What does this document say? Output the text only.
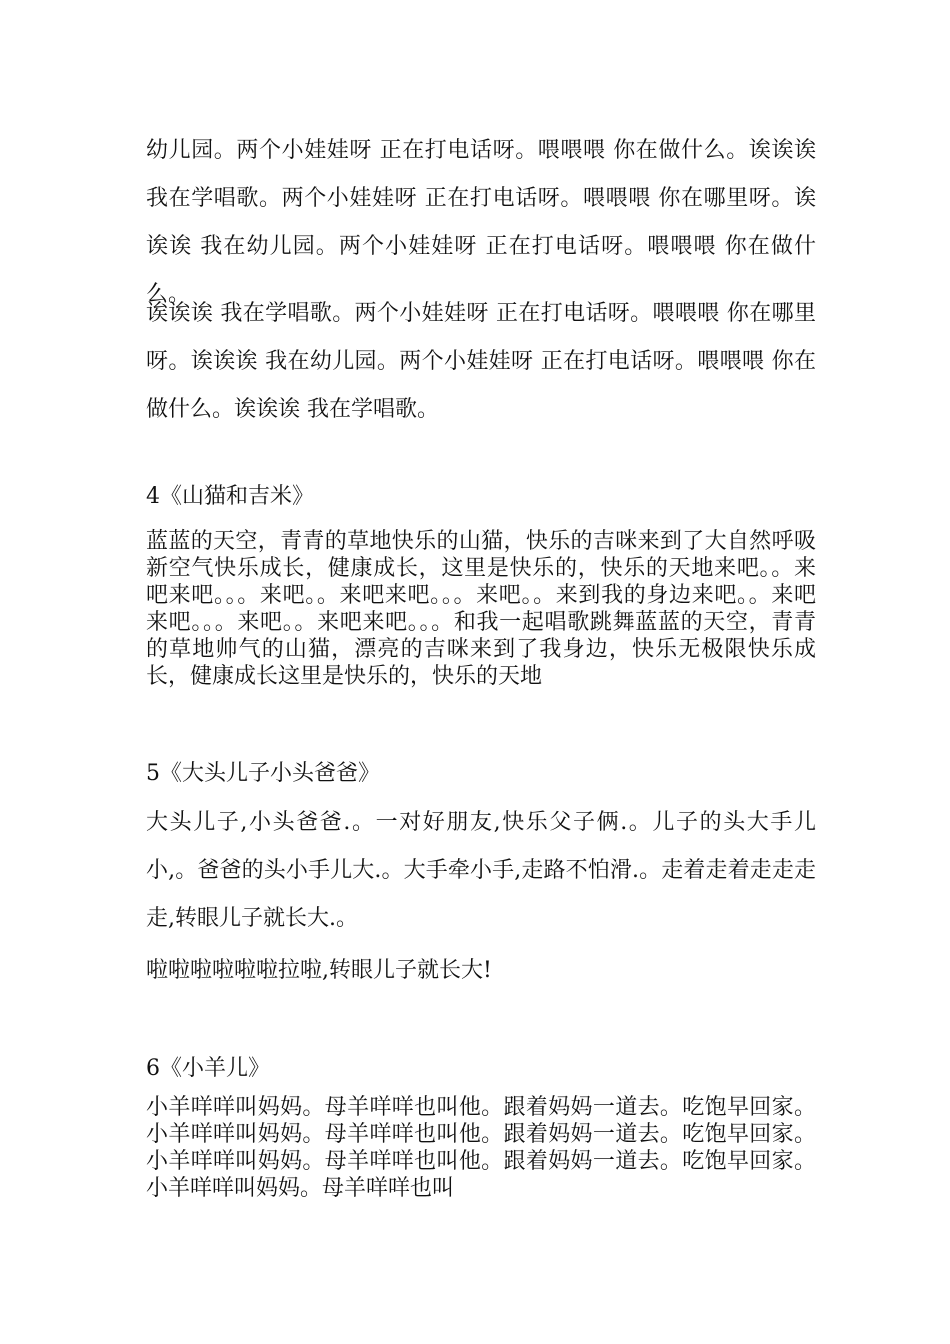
幼儿园。两个小娃娃呀 正在打电话呀。喂喂喂 你在做什么。诶诶诶 我在学唱歌。两个小娃娃呀 正在打电话呀。喂喂喂 你在哪里呀。诶诶诶 我在幼儿园。两个小娃娃呀 正在打电话呀。喂喂喂 你在做什么。

诶诶诶 我在学唱歌。两个小娃娃呀 正在打电话呀。喂喂喂 你在哪里呀。诶诶诶 我在幼儿园。两个小娃娃呀 正在打电话呀。喂喂喂 你在做什么。诶诶诶 我在学唱歌。

4《山猫和吉米》

蓝蓝的天空，青青的草地快乐的山猫，快乐的吉咪来到了大自然呼吸新空气快乐成长，健康成长，这里是快乐的，快乐的天地来吧。。来吧来吧。。。来吧。。来吧来吧。。。来吧。。来到我的身边来吧。。来吧来吧。。。来吧。。来吧来吧。。。和我一起唱歌跳舞蓝蓝的天空，青青的草地帅气的山猫，漂亮的吉咪来到了我身边，快乐无极限快乐成长，健康成长这里是快乐的，快乐的天地

5《大头儿子小头爸爸》

大头儿子,小头爸爸.。一对好朋友,快乐父子俩.。儿子的头大手儿小,。爸爸的头小手儿大.。大手牵小手,走路不怕滑.。走着走着走走走走,转眼儿子就长大.。

啦啦啦啦啦啦拉啦,转眼儿子就长大!

6《小羊儿》

小羊咩咩叫妈妈。母羊咩咩也叫他。跟着妈妈一道去。吃饱早回家。小羊咩咩叫妈妈。母羊咩咩也叫他。跟着妈妈一道去。吃饱早回家。小羊咩咩叫妈妈。母羊咩咩也叫他。跟着妈妈一道去。吃饱早回家。小羊咩咩叫妈妈。母羊咩咩也叫
